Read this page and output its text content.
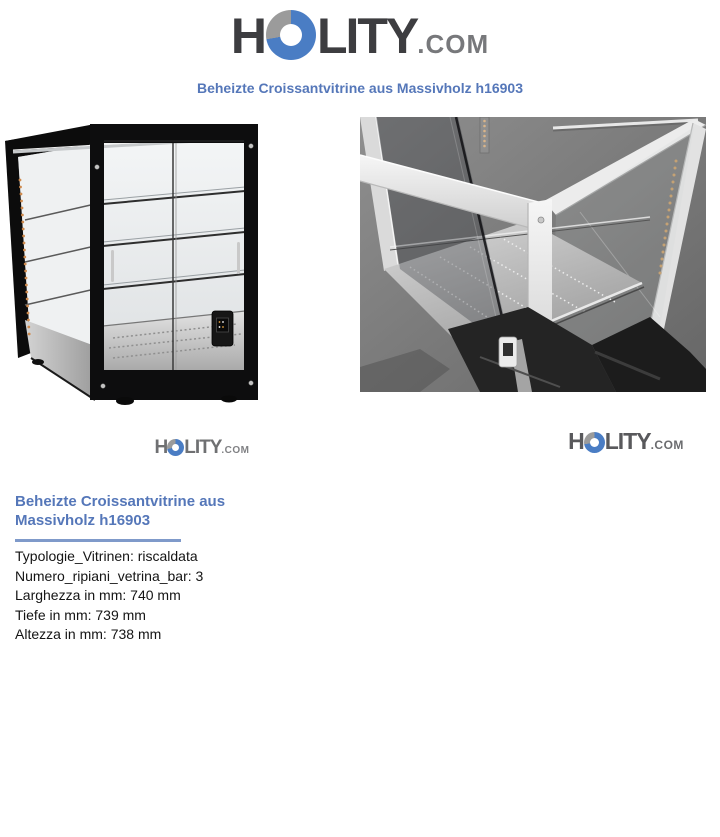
H LITY.COM
Beheizte Croissantvitrine aus Massivholz h16903
H LITY.COM	H LITY.COM
Beheizte Croissantvitrine aus Massivholz h16903
Typologie_Vitrinen: riscaldata
Numero_ripiani_vetrina_bar: 3
Larghezza in mm: 740 mm
Tiefe in mm: 739 mm
Altezza in mm: 738 mm
